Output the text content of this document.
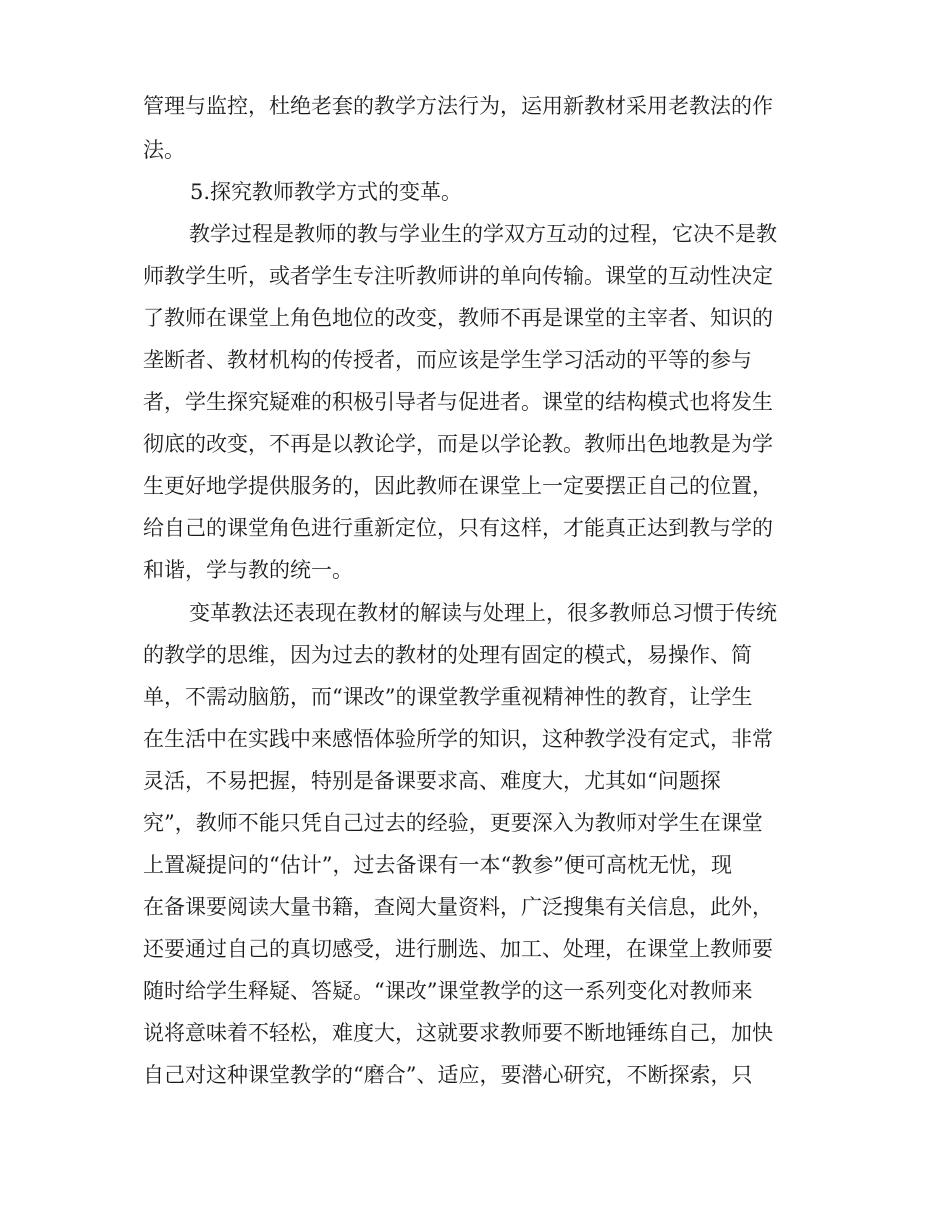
管理与监控，杜绝老套的教学方法行为，运用新教材采用老教法的作
法。
5.探究教师教学方式的变革。
教学过程是教师的教与学业生的学双方互动的过程，它决不是教
师教学生听，或者学生专注听教师讲的单向传输。课堂的互动性决定
了教师在课堂上角色地位的改变，教师不再是课堂的主宰者、知识的
垄断者、教材机构的传授者，而应该是学生学习活动的平等的参与
者，学生探究疑难的积极引导者与促进者。课堂的结构模式也将发生
彻底的改变，不再是以教论学，而是以学论教。教师出色地教是为学
生更好地学提供服务的，因此教师在课堂上一定要摆正自己的位置，
给自己的课堂角色进行重新定位，只有这样，才能真正达到教与学的
和谐，学与教的统一。
变革教法还表现在教材的解读与处理上，很多教师总习惯于传统
的教学的思维，因为过去的教材的处理有固定的模式，易操作、简
单，不需动脑筋，而“课改”的课堂教学重视精神性的教育，让学生
在生活中在实践中来感悟体验所学的知识，这种教学没有定式，非常
灵活，不易把握，特别是备课要求高、难度大，尤其如“问题探
究”，教师不能只凭自己过去的经验，更要深入为教师对学生在课堂
上置凝提问的“估计”，过去备课有一本“教参”便可高枕无忧，现
在备课要阅读大量书籍，查阅大量资料，广泛搜集有关信息，此外，
还要通过自己的真切感受，进行删选、加工、处理，在课堂上教师要
随时给学生释疑、答疑。“课改”课堂教学的这一系列变化对教师来
说将意味着不轻松，难度大，这就要求教师要不断地锤练自己，加快
自己对这种课堂教学的“磨合”、适应，要潜心研究，不断探索，只
